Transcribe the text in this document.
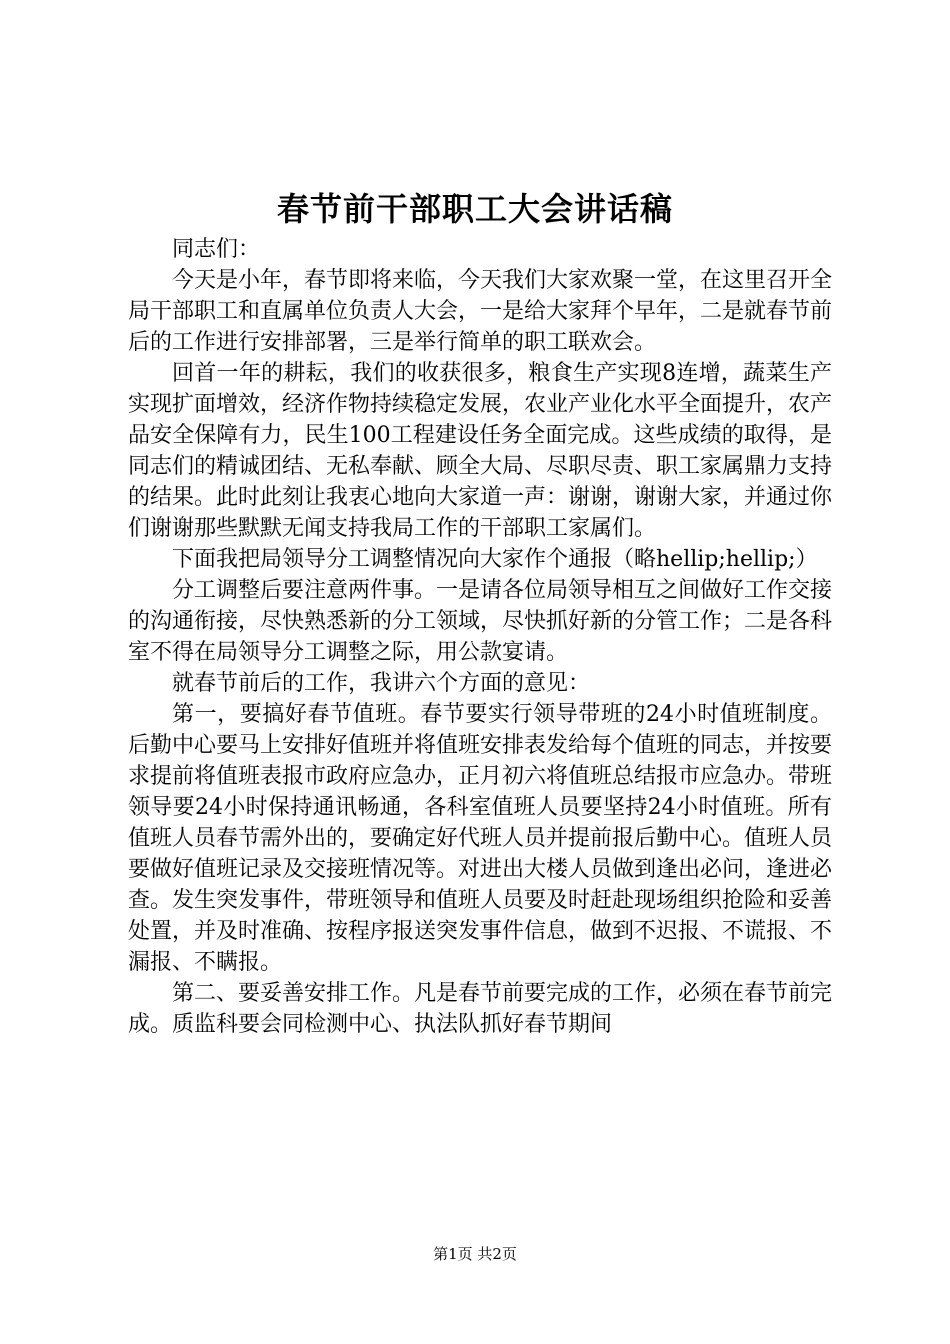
春节前干部职工大会讲话稿

同志们：

今天是小年，春节即将来临，今天我们大家欢聚一堂，在这里召开全局干部职工和直属单位负责人大会，一是给大家拜个早年，二是就春节前后的工作进行安排部署，三是举行简单的职工联欢会。

回首一年的耕耘，我们的收获很多，粮食生产实现8连增，蔬菜生产实现扩面增效，经济作物持续稳定发展，农业产业化水平全面提升，农产品安全保障有力，民生100工程建设任务全面完成。这些成绩的取得，是同志们的精诚团结、无私奉献、顾全大局、尽职尽责、职工家属鼎力支持的结果。此时此刻让我衷心地向大家道一声：谢谢，谢谢大家，并通过你们谢谢那些默默无闻支持我局工作的干部职工家属们。

下面我把局领导分工调整情况向大家作个通报（略hellip;hellip;）

分工调整后要注意两件事。一是请各位局领导相互之间做好工作交接的沟通衔接，尽快熟悉新的分工领域，尽快抓好新的分管工作；二是各科室不得在局领导分工调整之际，用公款宴请。

就春节前后的工作，我讲六个方面的意见：

第一，要搞好春节值班。春节要实行领导带班的24小时值班制度。后勤中心要马上安排好值班并将值班安排表发给每个值班的同志，并按要求提前将值班表报市政府应急办，正月初六将值班总结报市应急办。带班领导要24小时保持通讯畅通，各科室值班人员要坚持24小时值班。所有值班人员春节需外出的，要确定好代班人员并提前报后勤中心。值班人员要做好值班记录及交接班情况等。对进出大楼人员做到逢出必问，逢进必查。发生突发事件，带班领导和值班人员要及时赶赴现场组织抢险和妥善处置，并及时准确、按程序报送突发事件信息，做到不迟报、不谎报、不漏报、不瞒报。

第二、要妥善安排工作。凡是春节前要完成的工作，必须在春节前完成。质监科要会同检测中心、执法队抓好春节期间

第1页 共2页
